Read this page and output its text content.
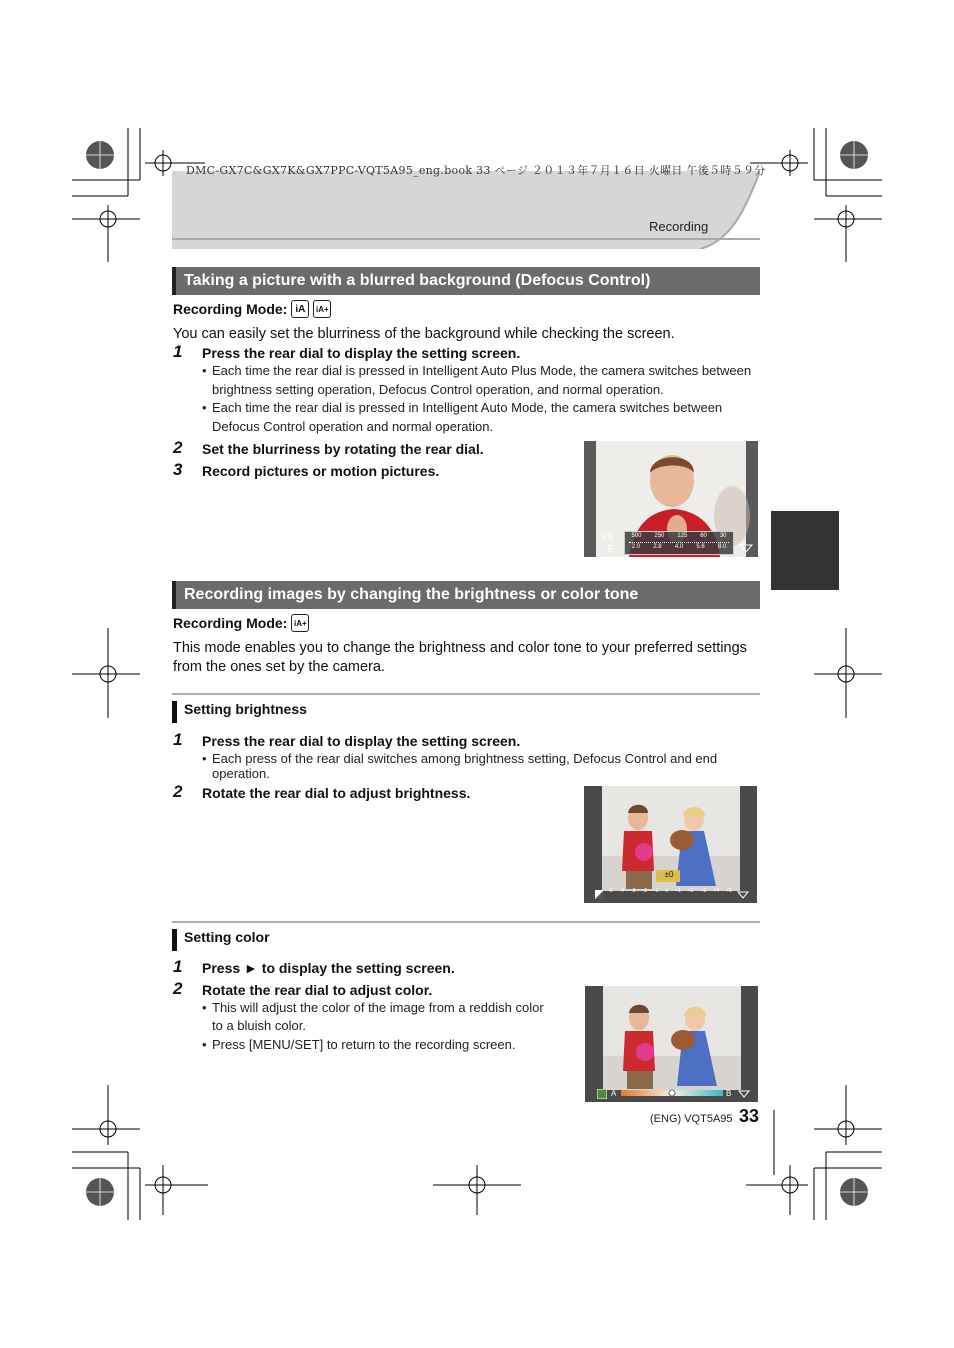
DMC-GX7C&GX7K&GX7PPC-VQT5A95_eng.book 33 ページ ２０１３年７月１６日 火曜日 午後５時５９分
Recording
Taking a picture with a blurred background (Defocus Control)
Recording Mode: iA	iA+
You can easily set the blurriness of the background while checking the screen.
1 Press the rear dial to display the setting screen.
• Each time the rear dial is pressed in Intelligent Auto Plus Mode, the camera switches between
brightness setting operation, Defocus Control operation, and normal operation.
• Each time the rear dial is pressed in Intelligent Auto Mode, the camera switches between
Defocus Control operation and normal operation.
2 Set the blurriness by rotating the rear dial.
3 Record pictures or motion pictures.
SS
F
500 250 125 60 30
2.0 2.8 4.0 5.6 8.0
Recording images by changing the brightness or color tone
Recording Mode: iA+
This mode enables you to change the brightness and color tone to your preferred settings
from the ones set by the camera.
Setting brightness
1 Press the rear dial to display the setting screen.
• Each press of the rear dial switches among brightness setting, Defocus Control and end
operation.
2 Rotate the rear dial to adjust brightness.
±0
-5 -4 -3 -2 -1 0 +1 +2 +3 +4 +5
Setting color
1 Press ► to display the setting screen.
2 Rotate the rear dial to adjust color.
• This will adjust the color of the image from a reddish color
to a bluish color.
• Press [MENU/SET] to return to the recording screen.
A	B
(ENG) VQT5A95 33
